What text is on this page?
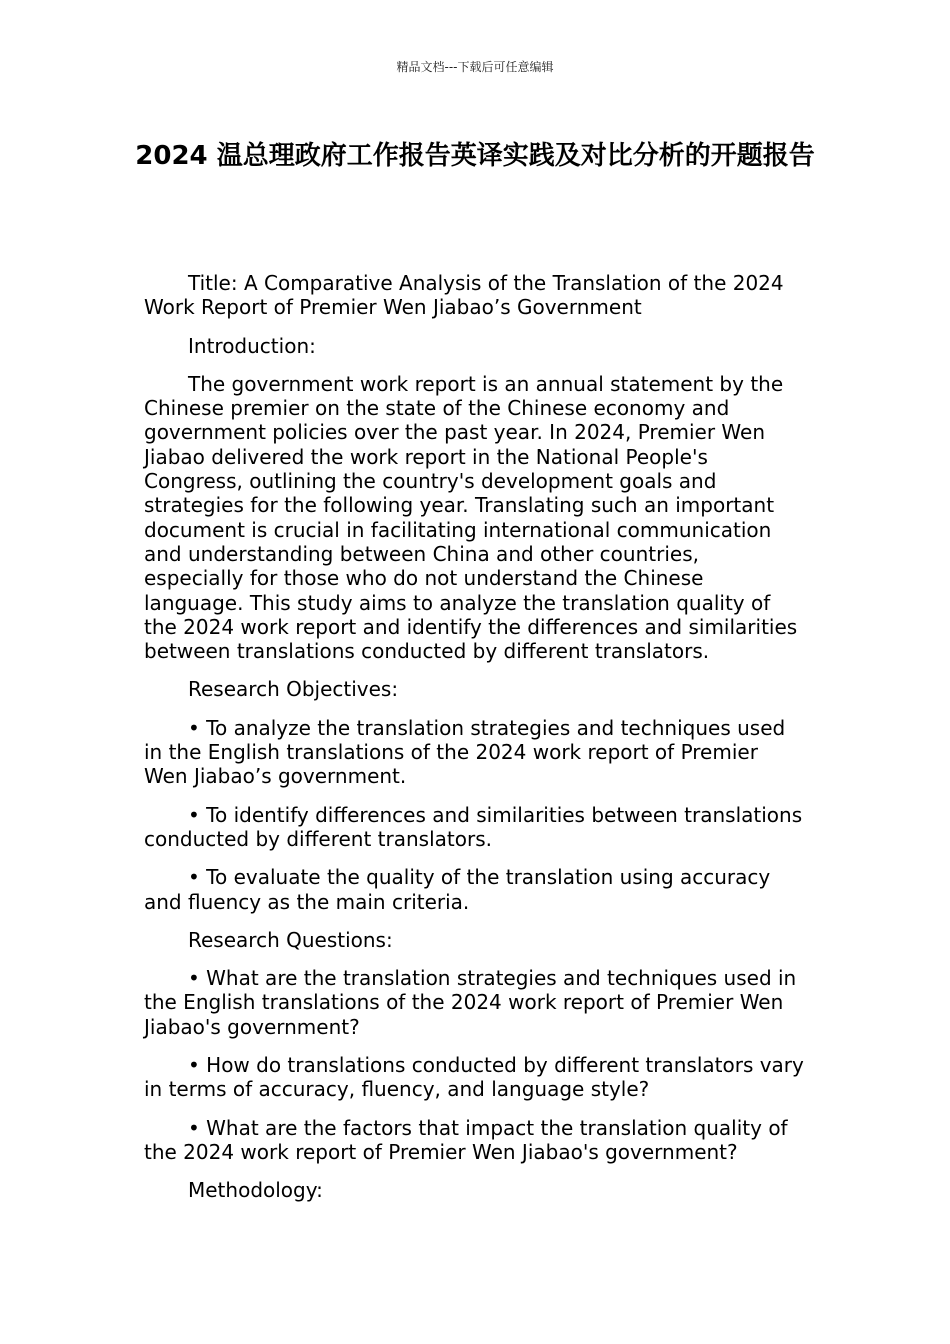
精品文档---下载后可任意编辑
2024 温总理政府工作报告英译实践及对比分析的开题报告

Title: A Comparative Analysis of the Translation of the 2024 Work Report of Premier Wen Jiabao’s Government

Introduction:

The government work report is an annual statement by the Chinese premier on the state of the Chinese economy and government policies over the past year. In 2024, Premier Wen Jiabao delivered the work report in the National People's Congress, outlining the country's development goals and strategies for the following year. Translating such an important document is crucial in facilitating international communication and understanding between China and other countries, especially for those who do not understand the Chinese language. This study aims to analyze the translation quality of the 2024 work report and identify the differences and similarities between translations conducted by different translators.

Research Objectives:

• To analyze the translation strategies and techniques used in the English translations of the 2024 work report of Premier Wen Jiabao’s government.

• To identify differences and similarities between translations conducted by different translators.

• To evaluate the quality of the translation using accuracy and fluency as the main criteria.

Research Questions:

• What are the translation strategies and techniques used in the English translations of the 2024 work report of Premier Wen Jiabao's government?

• How do translations conducted by different translators vary in terms of accuracy, fluency, and language style?

• What are the factors that impact the translation quality of the 2024 work report of Premier Wen Jiabao's government?

Methodology:
